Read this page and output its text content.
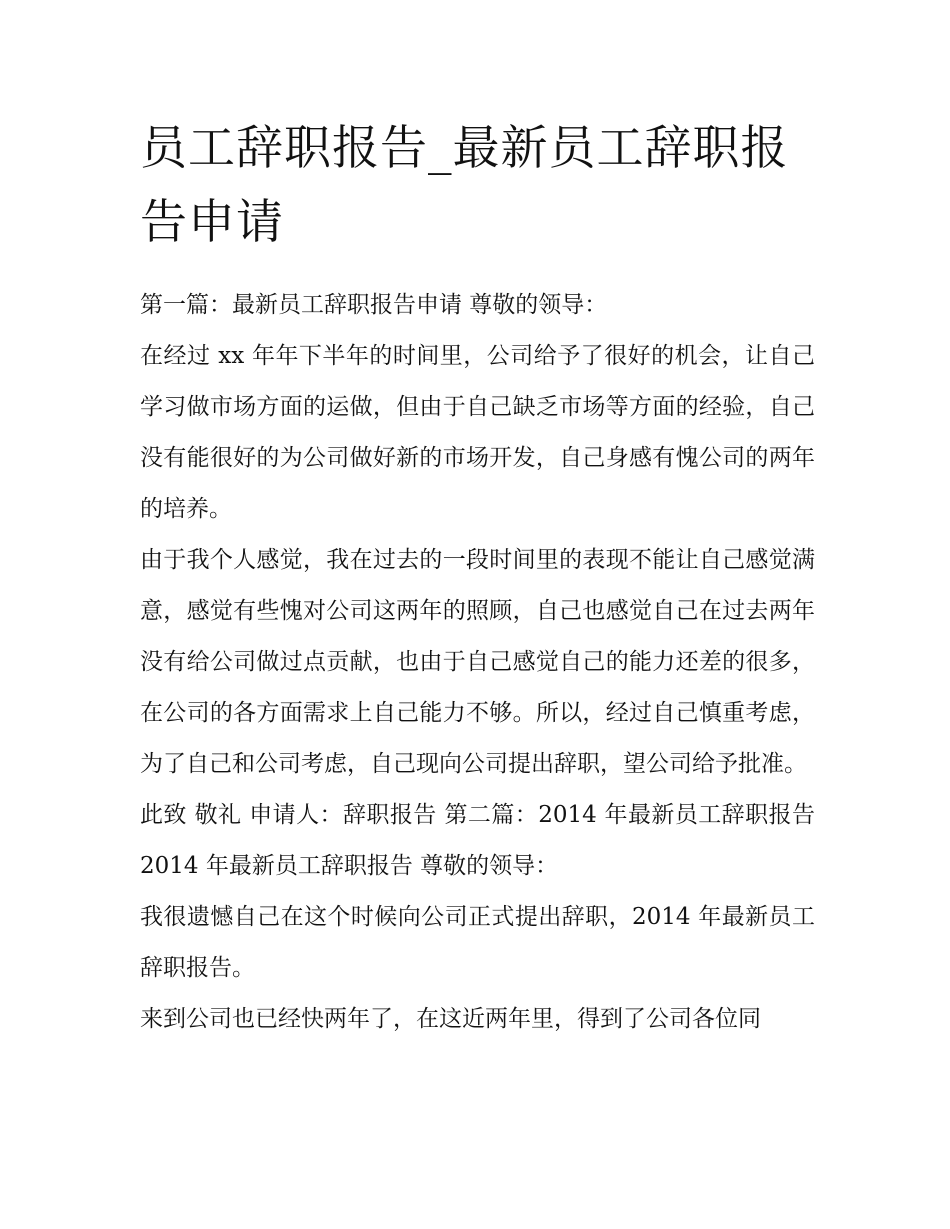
员工辞职报告_最新员工辞职报告申请

第一篇：最新员工辞职报告申请 尊敬的领导：

在经过 xx 年年下半年的时间里，公司给予了很好的机会，让自己学习做市场方面的运做，但由于自己缺乏市场等方面的经验，自己没有能很好的为公司做好新的市场开发，自己身感有愧公司的两年的培养。

由于我个人感觉，我在过去的一段时间里的表现不能让自己感觉满意，感觉有些愧对公司这两年的照顾，自己也感觉自己在过去两年没有给公司做过点贡献，也由于自己感觉自己的能力还差的很多，在公司的各方面需求上自己能力不够。所以，经过自己慎重考虑，为了自己和公司考虑，自己现向公司提出辞职，望公司给予批准。

此致 敬礼 申请人：辞职报告 第二篇：2014 年最新员工辞职报告 2014 年最新员工辞职报告 尊敬的领导：

我很遗憾自己在这个时候向公司正式提出辞职，2014 年最新员工辞职报告。

来到公司也已经快两年了，在这近两年里，得到了公司各位同
